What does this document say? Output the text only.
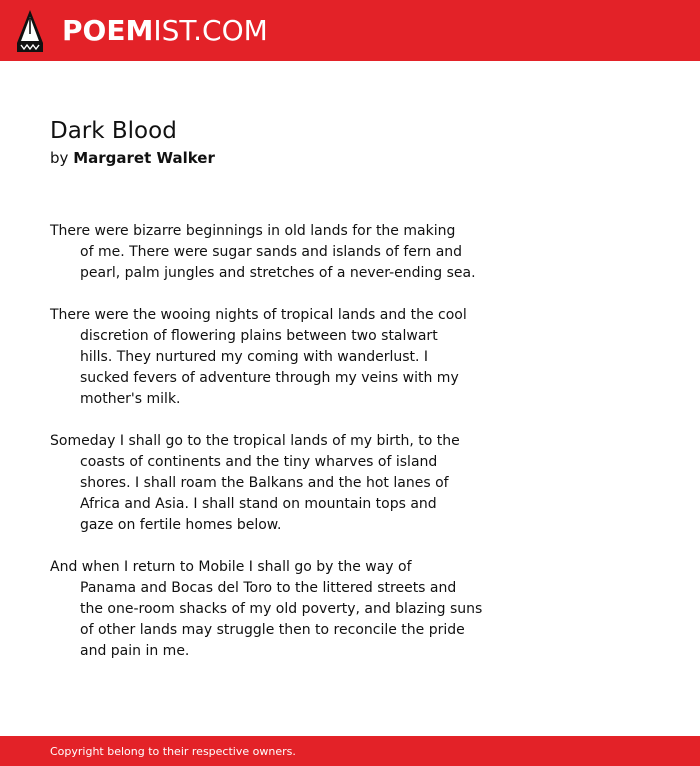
POEMIST.COM
Dark Blood
by Margaret Walker
There were bizarre beginnings in old lands for the making
of me. There were sugar sands and islands of fern and
pearl, palm jungles and stretches of a never-ending sea.
There were the wooing nights of tropical lands and the cool
discretion of flowering plains between two stalwart
hills. They nurtured my coming with wanderlust. I
sucked fevers of adventure through my veins with my
mother's milk.
Someday I shall go to the tropical lands of my birth, to the
coasts of continents and the tiny wharves of island
shores. I shall roam the Balkans and the hot lanes of
Africa and Asia. I shall stand on mountain tops and
gaze on fertile homes below.
And when I return to Mobile I shall go by the way of
Panama and Bocas del Toro to the littered streets and
the one-room shacks of my old poverty, and blazing suns
of other lands may struggle then to reconcile the pride
and pain in me.
Copyright belong to their respective owners.
